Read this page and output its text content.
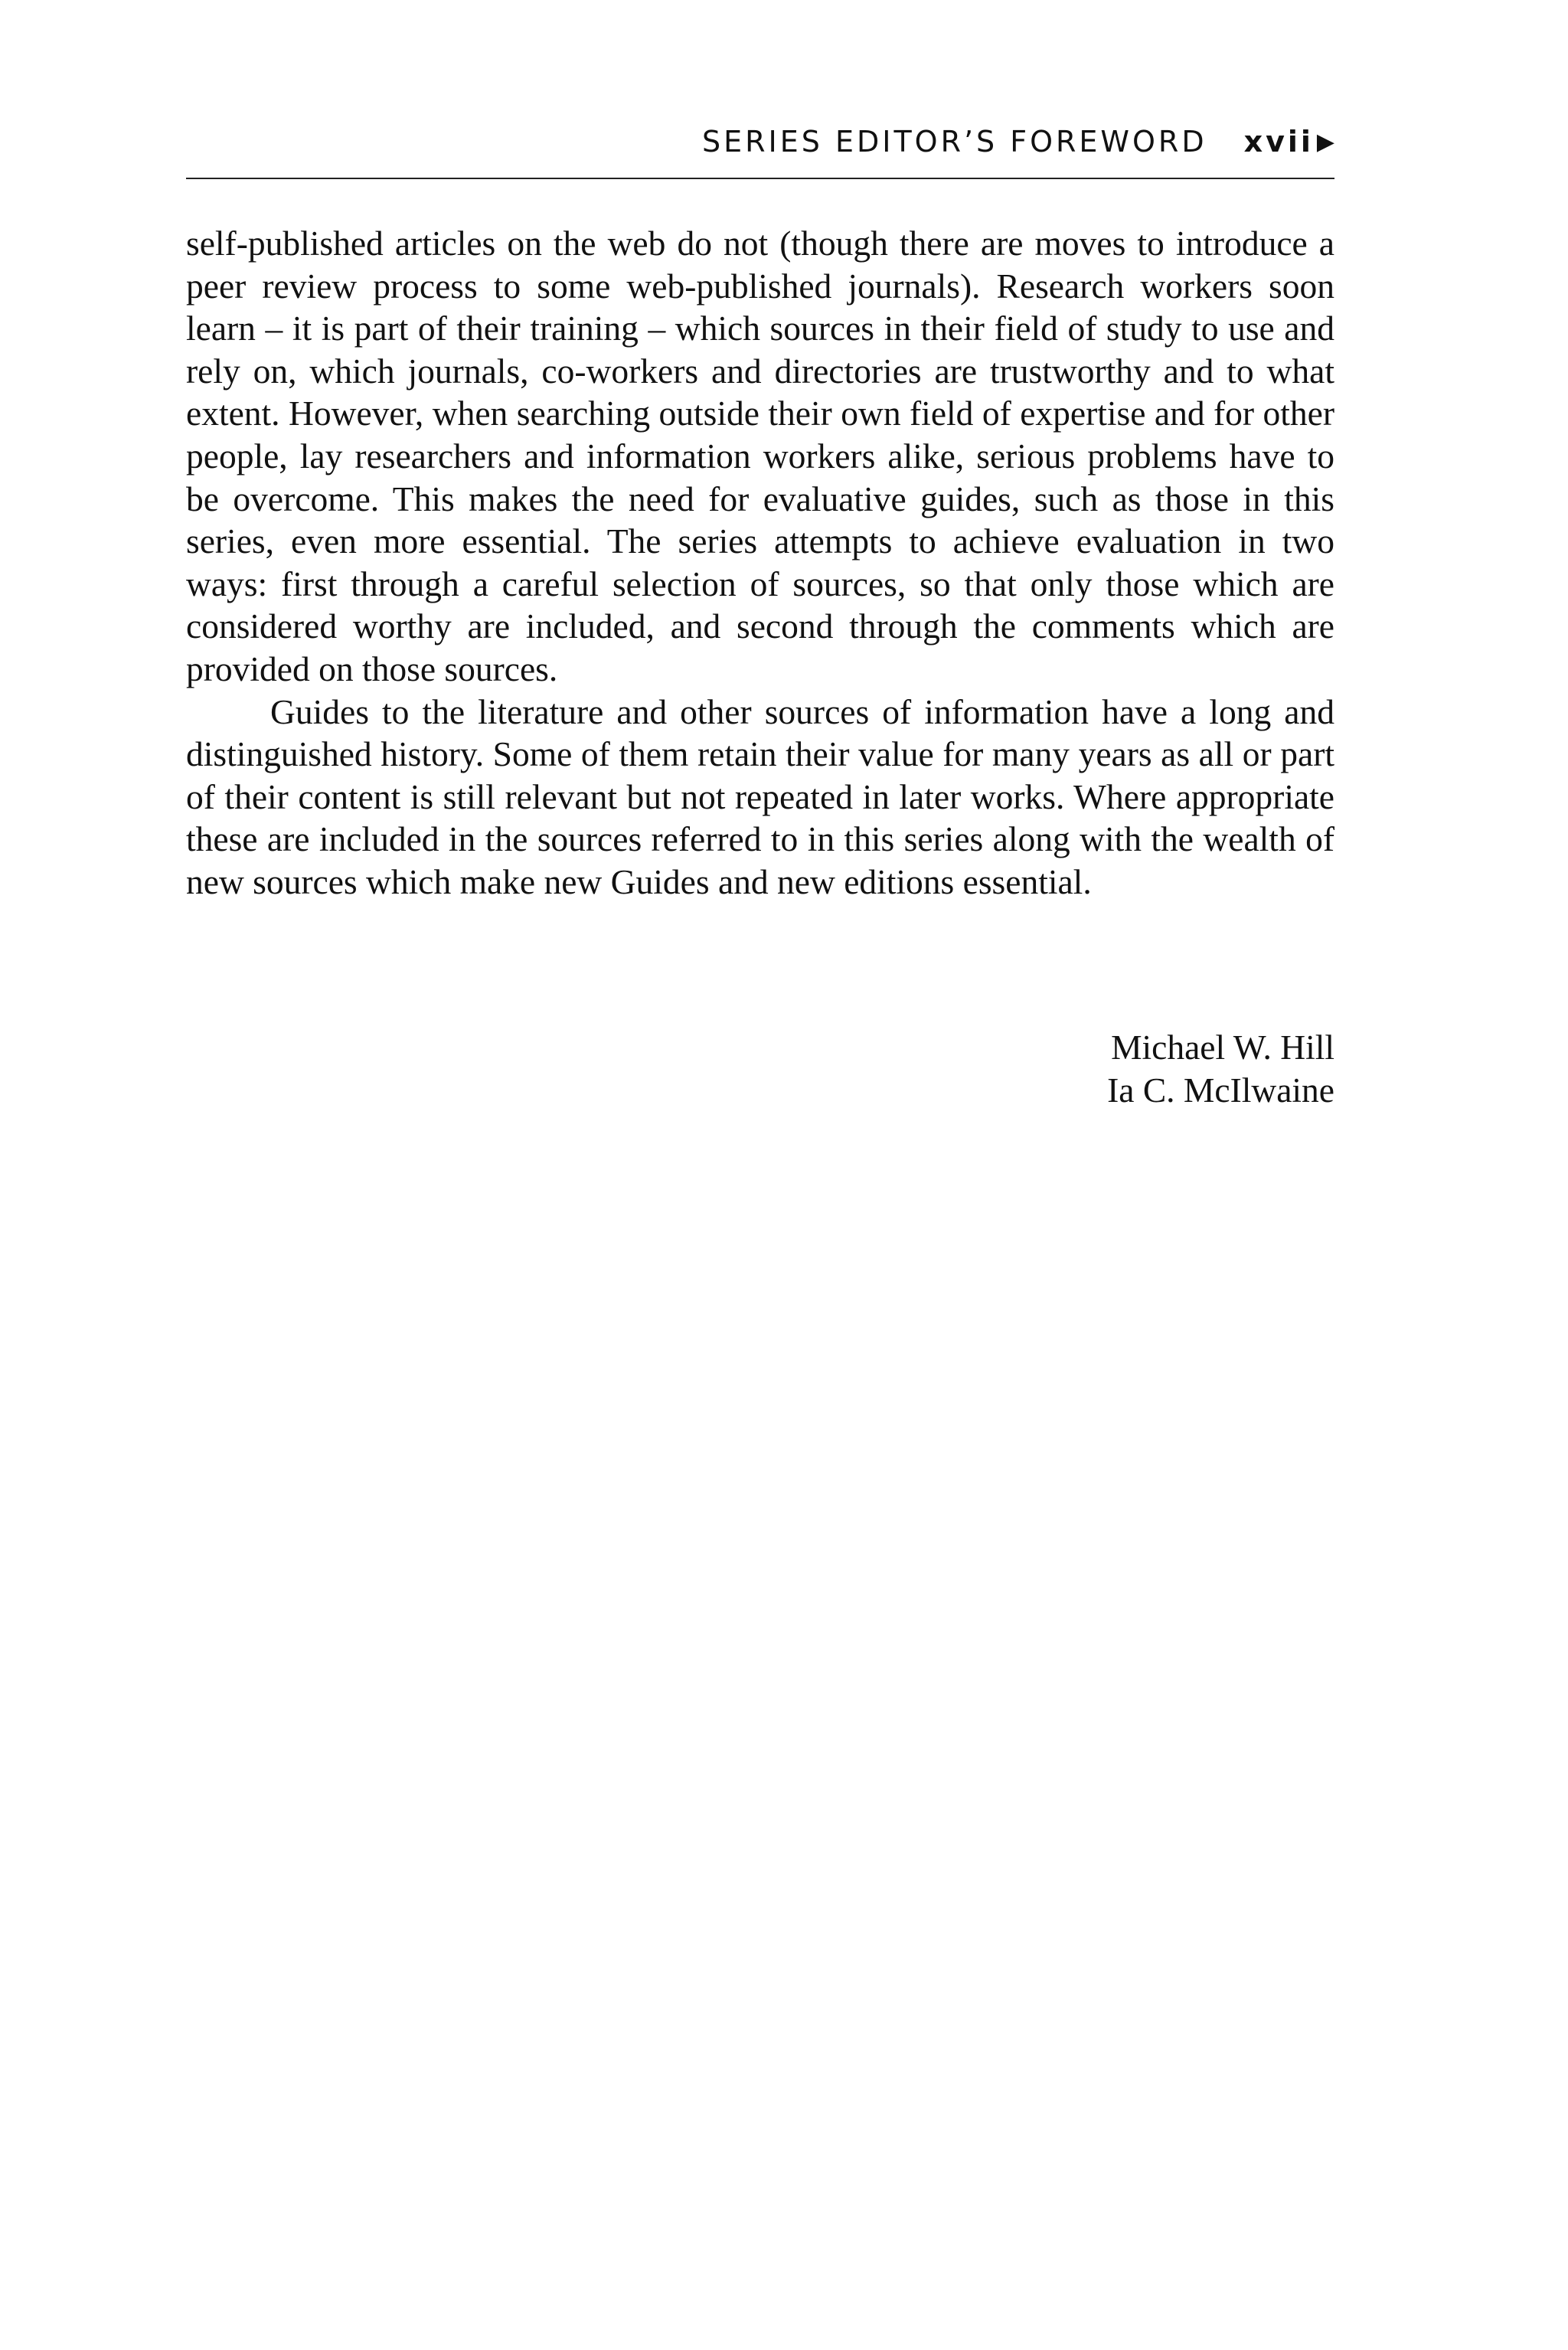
SERIES EDITOR’S FOREWORD xvii ▶

self-published articles on the web do not (though there are moves to introduce a peer review process to some web-published journals). Research workers soon learn – it is part of their training – which sources in their field of study to use and rely on, which journals, co-workers and directories are trustworthy and to what extent. However, when searching outside their own field of expertise and for other people, lay researchers and information workers alike, serious problems have to be overcome. This makes the need for evaluative guides, such as those in this series, even more essential. The series attempts to achieve evaluation in two ways: first through a careful selection of sources, so that only those which are considered worthy are included, and second through the comments which are provided on those sources.

Guides to the literature and other sources of information have a long and distinguished history. Some of them retain their value for many years as all or part of their content is still relevant but not repeated in later works. Where appropriate these are included in the sources referred to in this series along with the wealth of new sources which make new Guides and new editions essential.

Michael W. Hill
Ia C. McIlwaine
